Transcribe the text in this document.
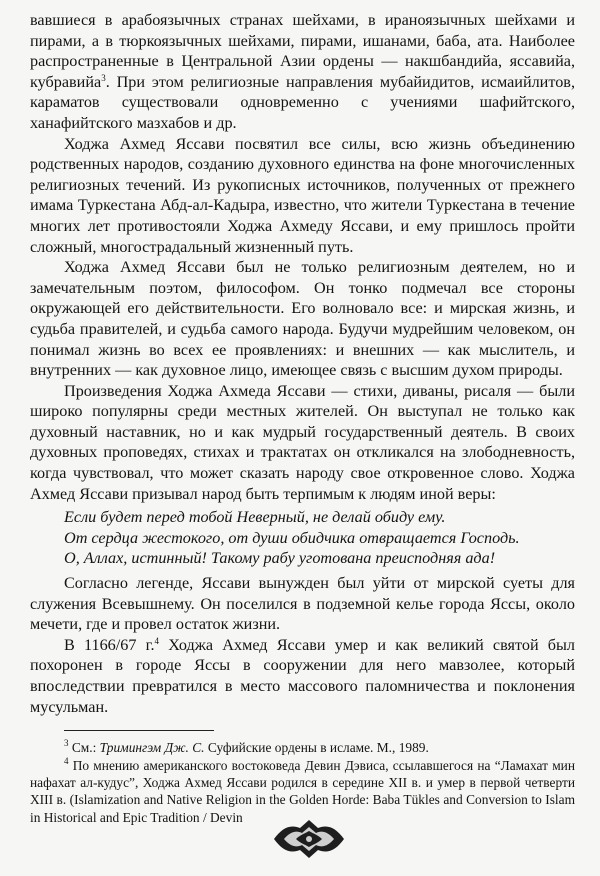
вавшиеся в арабоязычных странах шейхами, в ираноязычных шейхами и пирами, а в тюркоязычных шейхами, пирами, ишанами, баба, ата. Наиболее распространенные в Центральной Азии ордены — накшбандийа, яссавийа, кубравийа$^3$. При этом религиозные направления мубайидитов, исмаийлитов, караматов существовали одновременно с учениями шафийтского, ханафийтского мазхабов и др.

Ходжа Ахмед Яссави посвятил все силы, всю жизнь объединению родственных народов, созданию духовного единства на фоне многочисленных религиозных течений. Из рукописных источников, полученных от прежнего имама Туркестана Абд-ал-Кадыра, известно, что жители Туркестана в течение многих лет противостояли Ходжа Ахмеду Яссави, и ему пришлось пройти сложный, многострадальный жизненный путь.

Ходжа Ахмед Яссави был не только религиозным деятелем, но и замечательным поэтом, философом. Он тонко подмечал все стороны окружающей его действительности. Его волновало все: и мирская жизнь, и судьба правителей, и судьба самого народа. Будучи мудрейшим человеком, он понимал жизнь во всех ее проявлениях: и внешних — как мыслитель, и внутренних — как духовное лицо, имеющее связь с высшим духом природы.

Произведения Ходжа Ахмеда Яссави — стихи, диваны, рисаля — были широко популярны среди местных жителей. Он выступал не только как духовный наставник, но и как мудрый государственный деятель. В своих духовных проповедях, стихах и трактатах он откликался на злободневность, когда чувствовал, что может сказать народу свое откровенное слово. Ходжа Ахмед Яссави призывал народ быть терпимым к людям иной веры:

Если будет перед тобой Неверный, не делай обиду ему.
От сердца жестокого, от души обидчика отвращается Господь.
О, Аллах, истинный! Такому рабу уготована преисподняя ада!

Согласно легенде, Яссави вынужден был уйти от мирской суеты для служения Всевышнему. Он поселился в подземной келье города Яссы, около мечети, где и провел остаток жизни.

В 1166/67 г.$^4$ Ходжа Ахмед Яссави умер и как великий святой был похоронен в городе Яссы в сооружении для него мавзолее, который впоследствии превратился в место массового паломничества и поклонения мусульман.

$^3$ См.: Тримингэм Дж. С. Суфийские ордены в исламе. М., 1989.

$^4$ По мнению американского востоковеда Девин Дэвиса, ссылавшегося на “Ламахат мин нафахат ал-кудус”, Ходжа Ахмед Яссави родился в середине XII в. и умер в первой четверти XIII в. (Islamization and Native Religion in the Golden Horde: Baba Tükles and Conversion to Islam in Historical and Epic Tradition / Devin
